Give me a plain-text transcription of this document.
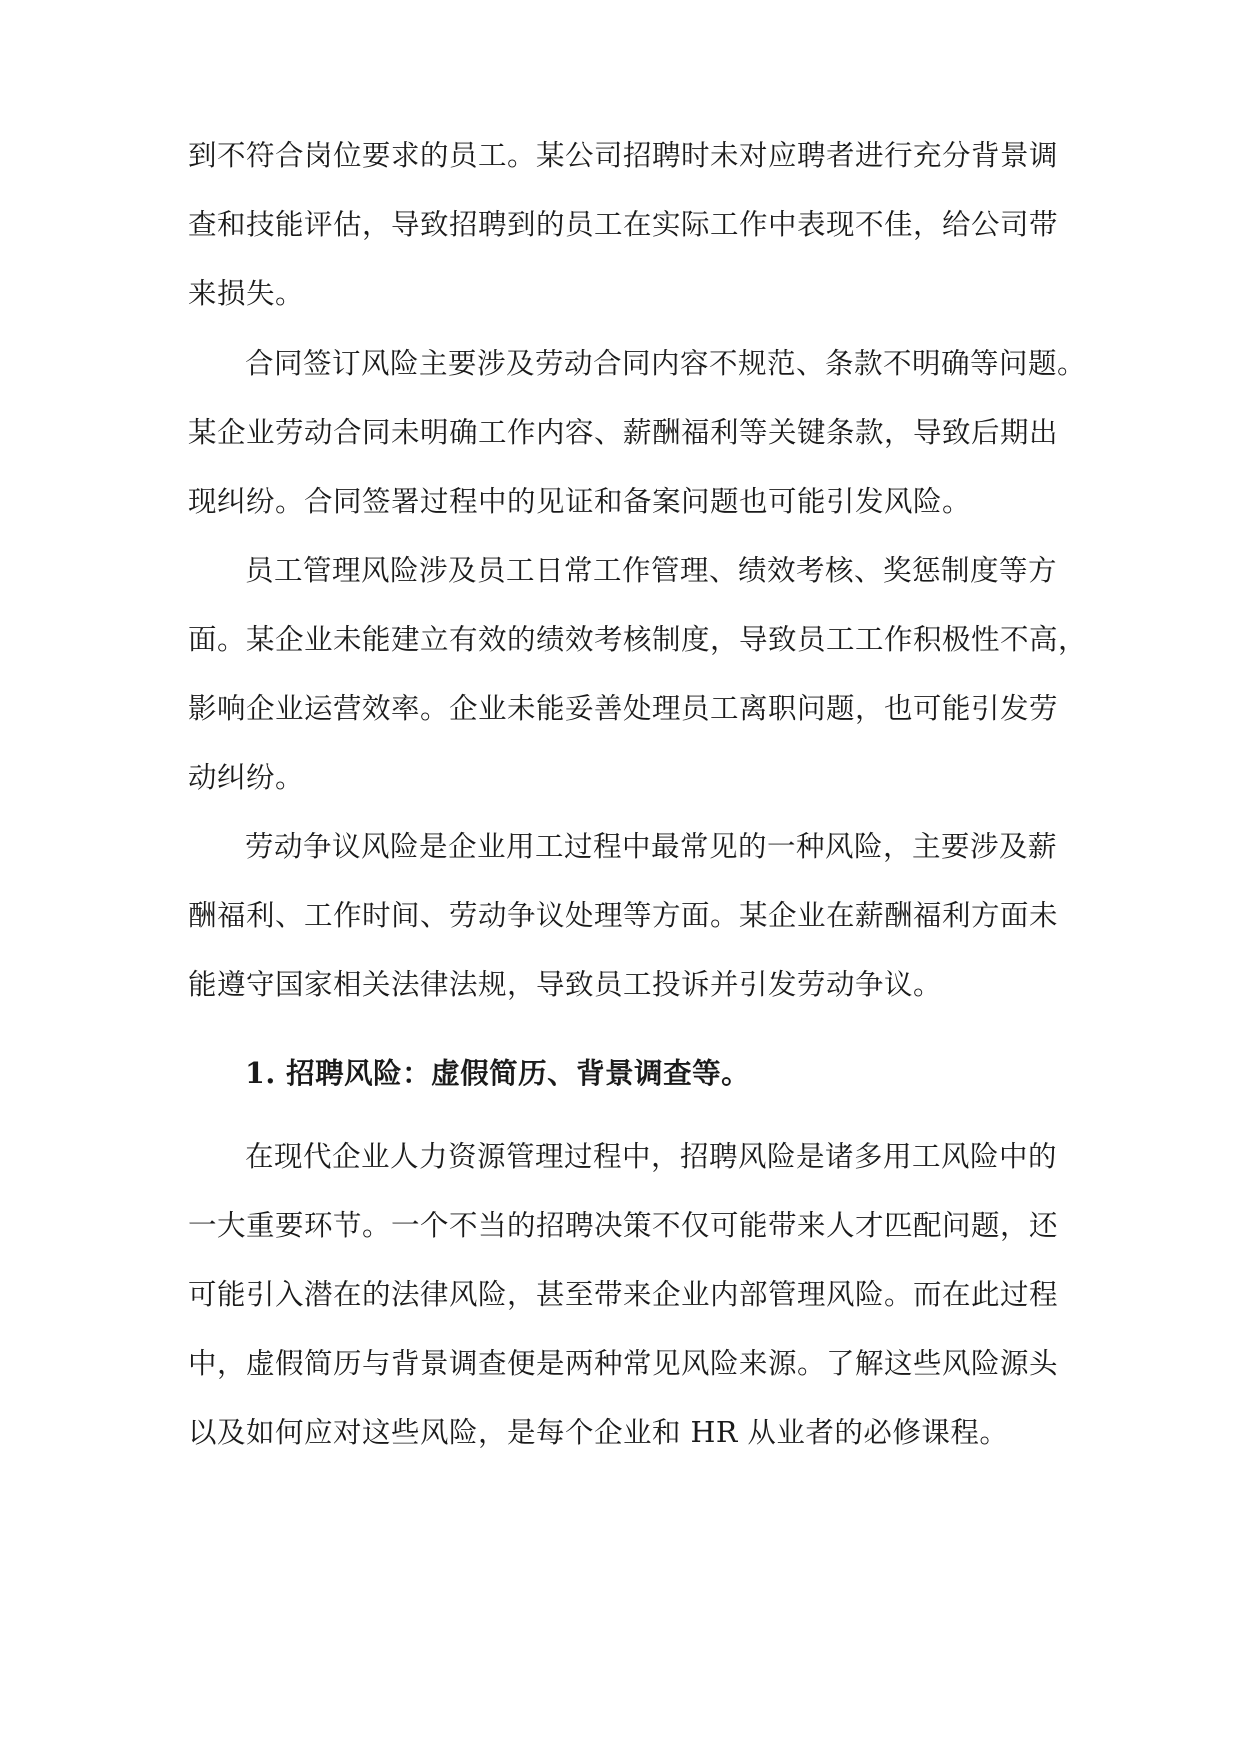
到不符合岗位要求的员工。某公司招聘时未对应聘者进行充分背景调
查和技能评估，导致招聘到的员工在实际工作中表现不佳，给公司带
来损失。
合同签订风险主要涉及劳动合同内容不规范、条款不明确等问题。
某企业劳动合同未明确工作内容、薪酬福利等关键条款，导致后期出
现纠纷。合同签署过程中的见证和备案问题也可能引发风险。
员工管理风险涉及员工日常工作管理、绩效考核、奖惩制度等方
面。某企业未能建立有效的绩效考核制度，导致员工工作积极性不高，
影响企业运营效率。企业未能妥善处理员工离职问题，也可能引发劳
动纠纷。
劳动争议风险是企业用工过程中最常见的一种风险，主要涉及薪
酬福利、工作时间、劳动争议处理等方面。某企业在薪酬福利方面未
能遵守国家相关法律法规，导致员工投诉并引发劳动争议。
1. 招聘风险：虚假简历、背景调查等。
在现代企业人力资源管理过程中，招聘风险是诸多用工风险中的
一大重要环节。一个不当的招聘决策不仅可能带来人才匹配问题，还
可能引入潜在的法律风险，甚至带来企业内部管理风险。而在此过程
中，虚假简历与背景调查便是两种常见风险来源。了解这些风险源头
以及如何应对这些风险，是每个企业和 HR 从业者的必修课程。
